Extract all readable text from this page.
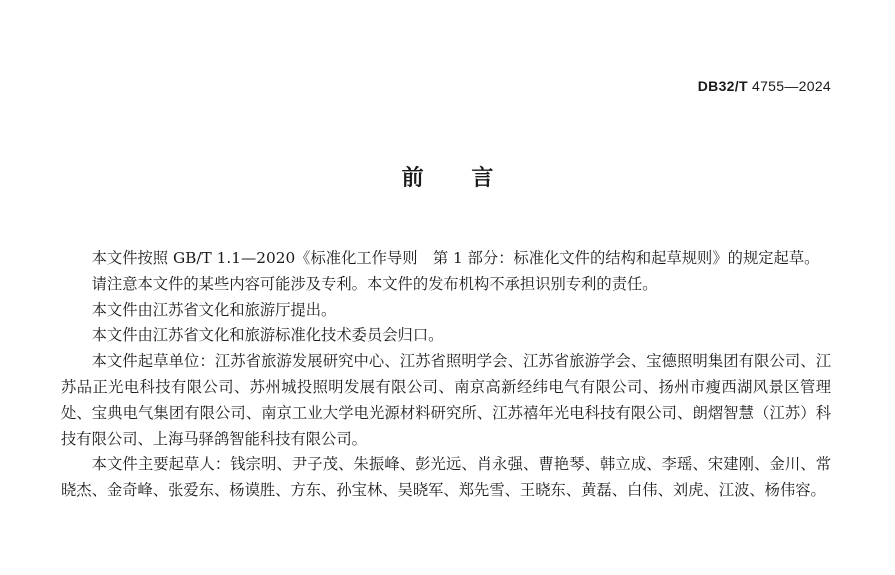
DB32/T 4755—2024
前 言

本文件按照 GB/T 1.1—2020《标准化工作导则　第 1 部分：标准化文件的结构和起草规则》的规定起草。

请注意本文件的某些内容可能涉及专利。本文件的发布机构不承担识别专利的责任。

本文件由江苏省文化和旅游厅提出。

本文件由江苏省文化和旅游标准化技术委员会归口。

本文件起草单位：江苏省旅游发展研究中心、江苏省照明学会、江苏省旅游学会、宝德照明集团有限公司、江苏品正光电科技有限公司、苏州城投照明发展有限公司、南京高新经纬电气有限公司、扬州市瘦西湖风景区管理处、宝典电气集团有限公司、南京工业大学电光源材料研究所、江苏禧年光电科技有限公司、朗熠智慧（江苏）科技有限公司、上海马驿鸽智能科技有限公司。

本文件主要起草人：钱宗明、尹子茂、朱振峰、彭光远、肖永强、曹艳琴、韩立成、李瑶、宋建刚、金川、常晓杰、金奇峰、张爱东、杨谟胜、方东、孙宝林、吴晓军、郑先雪、王晓东、黄磊、白伟、刘虎、江波、杨伟容。
